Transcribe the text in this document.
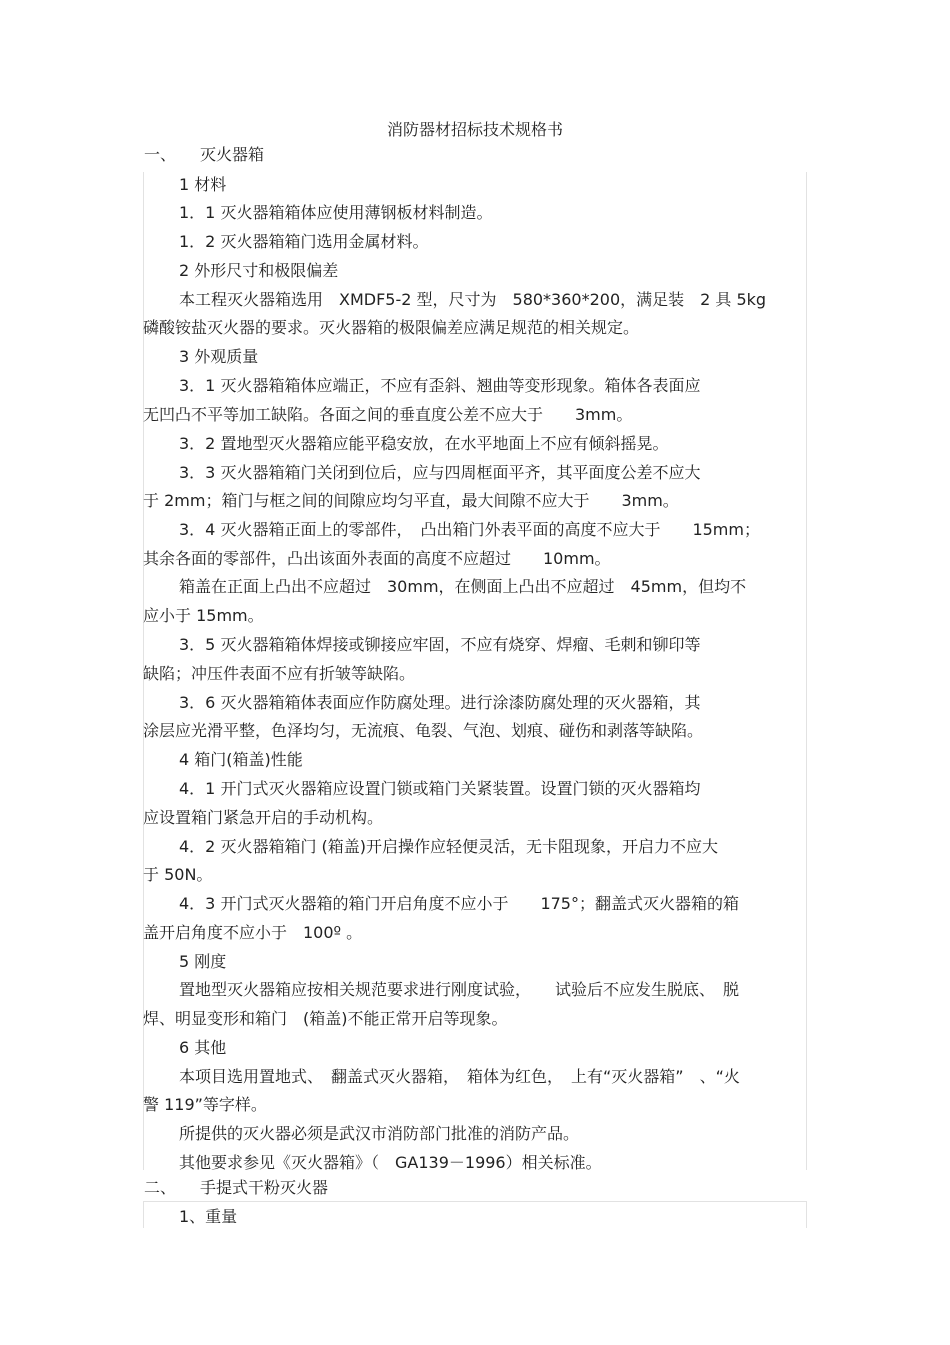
消防器材招标技术规格书
一、 灭火器箱
1 材料
1．1 灭火器箱箱体应使用薄钢板材料制造。
1．2 灭火器箱箱门选用金属材料。
2 外形尺寸和极限偏差
本工程灭火器箱选用　XMDF5-2 型，尺寸为　580*360*200，满足装　2 具 5kg
磷酸铵盐灭火器的要求。灭火器箱的极限偏差应满足规范的相关规定。
3 外观质量
3．1 灭火器箱箱体应端正，不应有歪斜、翘曲等变形现象。箱体各表面应
无凹凸不平等加工缺陷。各面之间的垂直度公差不应大于　　3mm。
3．2 置地型灭火器箱应能平稳安放，在水平地面上不应有倾斜摇晃。
3．3 灭火器箱箱门关闭到位后，应与四周框面平齐，其平面度公差不应大
于 2mm；箱门与框之间的间隙应均匀平直，最大间隙不应大于　　3mm。
3．4 灭火器箱正面上的零部件，　凸出箱门外表平面的高度不应大于　　15mm；
其余各面的零部件，凸出该面外表面的高度不应超过　　10mm。
箱盖在正面上凸出不应超过　30mm，在侧面上凸出不应超过　45mm，但均不
应小于 15mm。
3．5 灭火器箱箱体焊接或铆接应牢固，不应有烧穿、焊瘤、毛刺和铆印等
缺陷；冲压件表面不应有折皱等缺陷。
3．6 灭火器箱箱体表面应作防腐处理。进行涂漆防腐处理的灭火器箱，其
涂层应光滑平整，色泽均匀，无流痕、龟裂、气泡、划痕、碰伤和剥落等缺陷。
4 箱门(箱盖)性能
4．1 开门式灭火器箱应设置门锁或箱门关紧装置。设置门锁的灭火器箱均
应设置箱门紧急开启的手动机构。
4．2 灭火器箱箱门 (箱盖)开启操作应轻便灵活，无卡阻现象，开启力不应大
于 50N。
4．3 开门式灭火器箱的箱门开启角度不应小于　　175°；翻盖式灭火器箱的箱
盖开启角度不应小于　100º 。
5 刚度
置地型灭火器箱应按相关规范要求进行刚度试验，　　试验后不应发生脱底、　脱
焊、明显变形和箱门　(箱盖)不能正常开启等现象。
6 其他
本项目选用置地式、　翻盖式灭火器箱，　箱体为红色，　上有“灭火器箱”　、“火
警 119”等字样。
所提供的灭火器必须是武汉市消防部门批准的消防产品。
其他要求参见《灭火器箱》（　GA139－1996）相关标准。
二、 手提式干粉灭火器
1、重量
